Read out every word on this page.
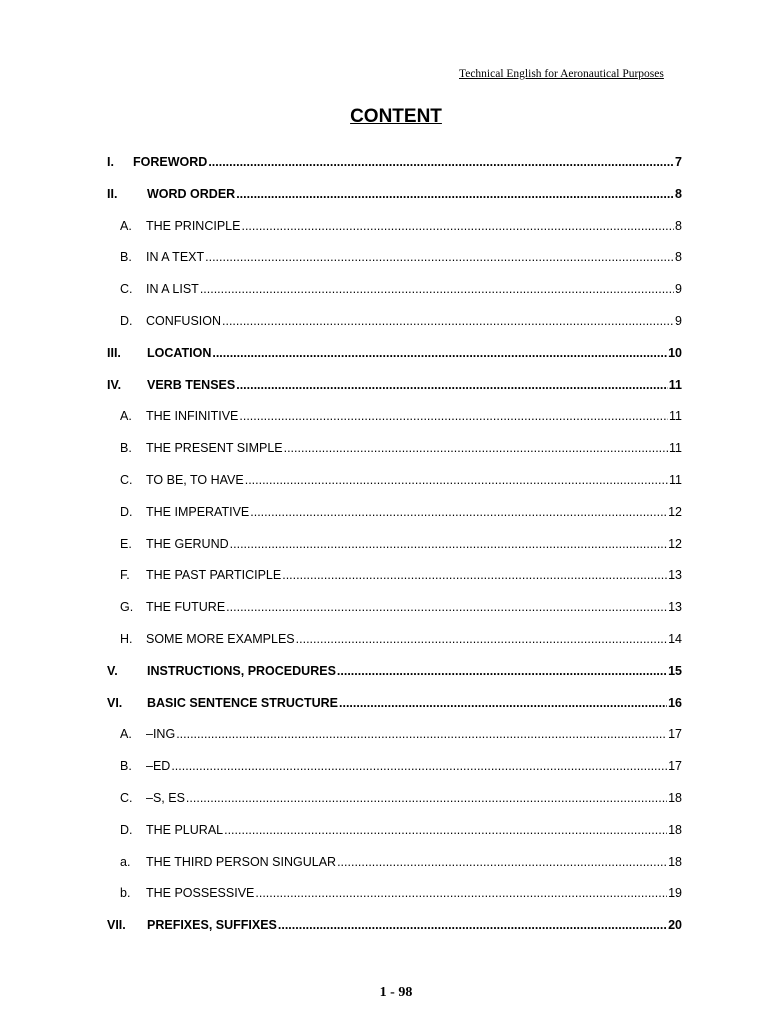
Technical English for Aeronautical Purposes
CONTENT
I.	FOREWORD .....	7
II.	WORD ORDER .....	8
A.	THE PRINCIPLE .....	8
B.	IN A TEXT .....	8
C.	IN A LIST .....	9
D.	CONFUSION .....	9
III.	LOCATION .....	10
IV.	VERB TENSES .....	11
A.	THE INFINITIVE .....	11
B.	THE PRESENT SIMPLE .....	11
C.	TO BE, TO HAVE .....	11
D.	THE IMPERATIVE .....	12
E.	THE GERUND .....	12
F.	THE PAST PARTICIPLE .....	13
G.	THE FUTURE .....	13
H.	SOME MORE EXAMPLES .....	14
V.	INSTRUCTIONS, PROCEDURES .....	15
VI.	BASIC SENTENCE STRUCTURE .....	16
A.	–ING .....	17
B.	–ED .....	17
C.	–S, ES .....	18
D.	THE PLURAL .....	18
a.	THE THIRD PERSON SINGULAR .....	18
b.	THE POSSESSIVE .....	19
VII.	PREFIXES, SUFFIXES .....	20
1 - 98
